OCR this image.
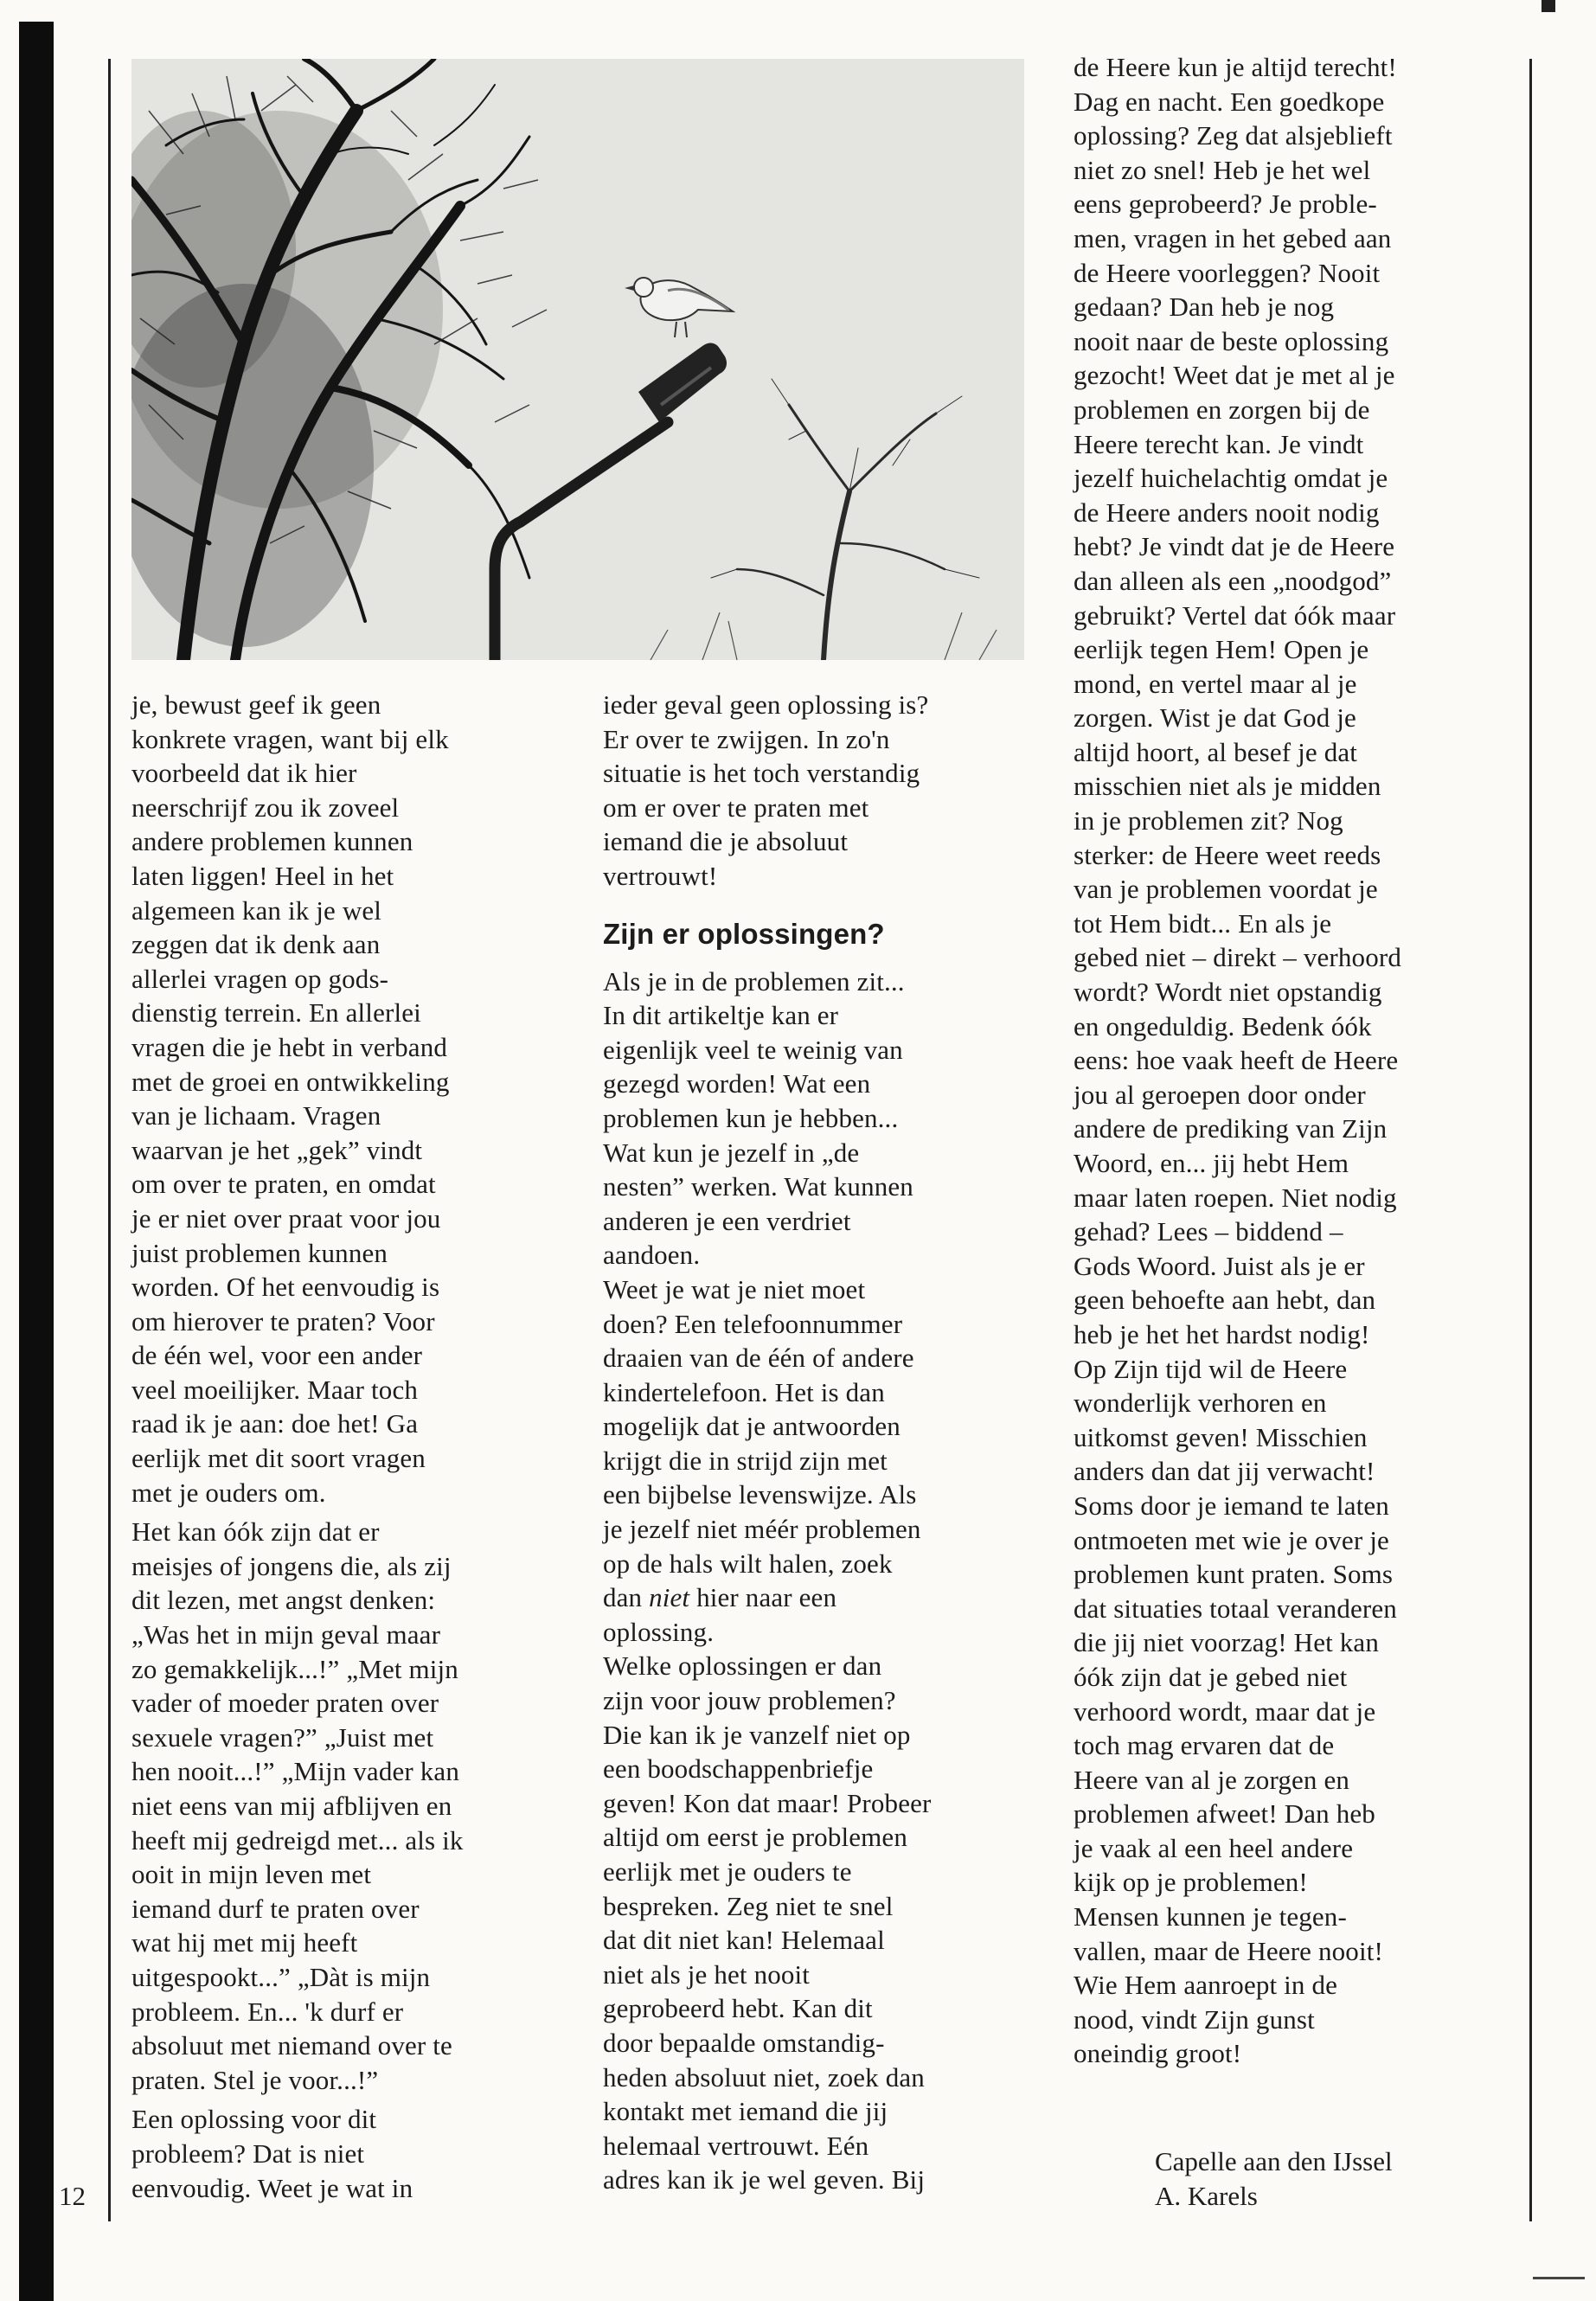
je, bewust geef ik geen
konkrete vragen, want bij elk
voorbeeld dat ik hier
neerschrijf zou ik zoveel
andere problemen kunnen
laten liggen! Heel in het
algemeen kan ik je wel
zeggen dat ik denk aan
allerlei vragen op gods-
dienstig terrein. En allerlei
vragen die je hebt in verband
met de groei en ontwikkeling
van je lichaam. Vragen
waarvan je het „gek” vindt
om over te praten, en omdat
je er niet over praat voor jou
juist problemen kunnen
worden. Of het eenvoudig is
om hierover te praten? Voor
de één wel, voor een ander
veel moeilijker. Maar toch
raad ik je aan: doe het! Ga
eerlijk met dit soort vragen
met je ouders om.

Het kan óók zijn dat er
meisjes of jongens die, als zij
dit lezen, met angst denken:
„Was het in mijn geval maar
zo gemakkelijk...!” „Met mijn
vader of moeder praten over
sexuele vragen?” „Juist met
hen nooit...!” „Mijn vader kan
niet eens van mij afblijven en
heeft mij gedreigd met... als ik
ooit in mijn leven met
iemand durf te praten over
wat hij met mij heeft
uitgespookt...” „Dàt is mijn
probleem. En... 'k durf er
absoluut met niemand over te
praten. Stel je voor...!”

Een oplossing voor dit
probleem? Dat is niet
eenvoudig. Weet je wat in

ieder geval geen oplossing is?
Er over te zwijgen. In zo'n
situatie is het toch verstandig
om er over te praten met
iemand die je absoluut
vertrouwt!

Zijn er oplossingen?

Als je in de problemen zit...
In dit artikeltje kan er
eigenlijk veel te weinig van
gezegd worden! Wat een
problemen kun je hebben...
Wat kun je jezelf in „de
nesten” werken. Wat kunnen
anderen je een verdriet
aandoen.
Weet je wat je niet moet
doen? Een telefoonnummer
draaien van de één of andere
kindertelefoon. Het is dan
mogelijk dat je antwoorden
krijgt die in strijd zijn met
een bijbelse levenswijze. Als
je jezelf niet méér problemen
op de hals wilt halen, zoek

dan niet hier naar een

oplossing.
Welke oplossingen er dan
zijn voor jouw problemen?
Die kan ik je vanzelf niet op
een boodschappenbriefje
geven! Kon dat maar! Probeer
altijd om eerst je problemen
eerlijk met je ouders te
bespreken. Zeg niet te snel
dat dit niet kan! Helemaal
niet als je het nooit
geprobeerd hebt. Kan dit
door bepaalde omstandig-
heden absoluut niet, zoek dan
kontakt met iemand die jij
helemaal vertrouwt. Eén
adres kan ik je wel geven. Bij

de Heere kun je altijd terecht!
Dag en nacht. Een goedkope
oplossing? Zeg dat alsjeblieft
niet zo snel! Heb je het wel
eens geprobeerd? Je proble-
men, vragen in het gebed aan
de Heere voorleggen? Nooit
gedaan? Dan heb je nog
nooit naar de beste oplossing
gezocht! Weet dat je met al je
problemen en zorgen bij de
Heere terecht kan. Je vindt
jezelf huichelachtig omdat je
de Heere anders nooit nodig
hebt? Je vindt dat je de Heere
dan alleen als een „noodgod”
gebruikt? Vertel dat óók maar
eerlijk tegen Hem! Open je
mond, en vertel maar al je
zorgen. Wist je dat God je
altijd hoort, al besef je dat
misschien niet als je midden
in je problemen zit? Nog
sterker: de Heere weet reeds
van je problemen voordat je
tot Hem bidt... En als je
gebed niet – direkt – verhoord
wordt? Wordt niet opstandig
en ongeduldig. Bedenk óók
eens: hoe vaak heeft de Heere
jou al geroepen door onder
andere de prediking van Zijn
Woord, en... jij hebt Hem
maar laten roepen. Niet nodig
gehad? Lees – biddend –
Gods Woord. Juist als je er
geen behoefte aan hebt, dan
heb je het het hardst nodig!
Op Zijn tijd wil de Heere
wonderlijk verhoren en
uitkomst geven! Misschien
anders dan dat jij verwacht!
Soms door je iemand te laten
ontmoeten met wie je over je
problemen kunt praten. Soms
dat situaties totaal veranderen
die jij niet voorzag! Het kan
óók zijn dat je gebed niet
verhoord wordt, maar dat je
toch mag ervaren dat de
Heere van al je zorgen en
problemen afweet! Dan heb
je vaak al een heel andere
kijk op je problemen!
Mensen kunnen je tegen-
vallen, maar de Heere nooit!
Wie Hem aanroept in de
nood, vindt Zijn gunst
oneindig groot!

Capelle aan den IJssel
A. Karels
12
